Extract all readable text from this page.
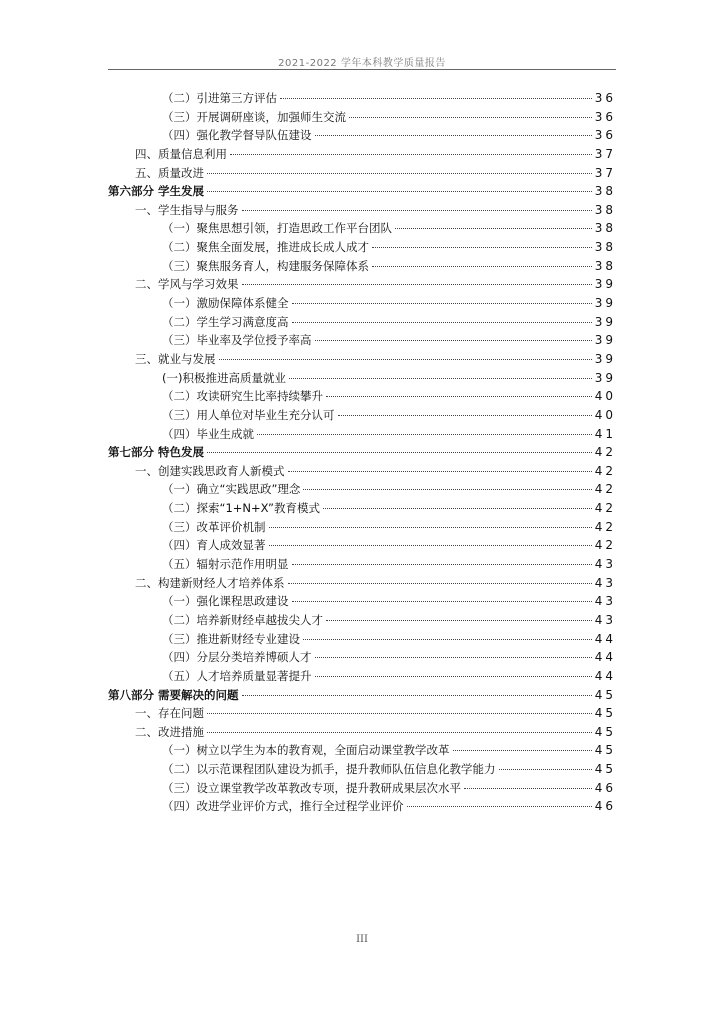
2021-2022 学年本科教学质量报告
（二）引进第三方评估	36
（三）开展调研座谈，加强师生交流	36
（四）强化教学督导队伍建设	36
四、质量信息利用	37
五、质量改进	37
第六部分 学生发展	38
一、学生指导与服务	38
（一）聚焦思想引领，打造思政工作平台团队	38
（二）聚焦全面发展，推进成长成人成才	38
（三）聚焦服务育人，构建服务保障体系	38
二、学风与学习效果	39
（一）激励保障体系健全	39
（二）学生学习满意度高	39
（三）毕业率及学位授予率高	39
三、就业与发展	39
(一)积极推进高质量就业	39
（二）攻读研究生比率持续攀升	40
（三）用人单位对毕业生充分认可	40
（四）毕业生成就	41
第七部分 特色发展	42
一、创建实践思政育人新模式	42
（一）确立“实践思政”理念	42
（二）探索“1+N+X”教育模式	42
（三）改革评价机制	42
（四）育人成效显著	42
（五）辐射示范作用明显	43
二、构建新财经人才培养体系	43
（一）强化课程思政建设	43
（二）培养新财经卓越拔尖人才	43
（三）推进新财经专业建设	44
（四）分层分类培养博硕人才	44
（五）人才培养质量显著提升	44
第八部分 需要解决的问题	45
一、存在问题	45
二、改进措施	45
（一）树立以学生为本的教育观，全面启动课堂教学改革	45
（二）以示范课程团队建设为抓手，提升教师队伍信息化教学能力	45
（三）设立课堂教学改革教改专项，提升教研成果层次水平	46
（四）改进学业评价方式，推行全过程学业评价	46
III
